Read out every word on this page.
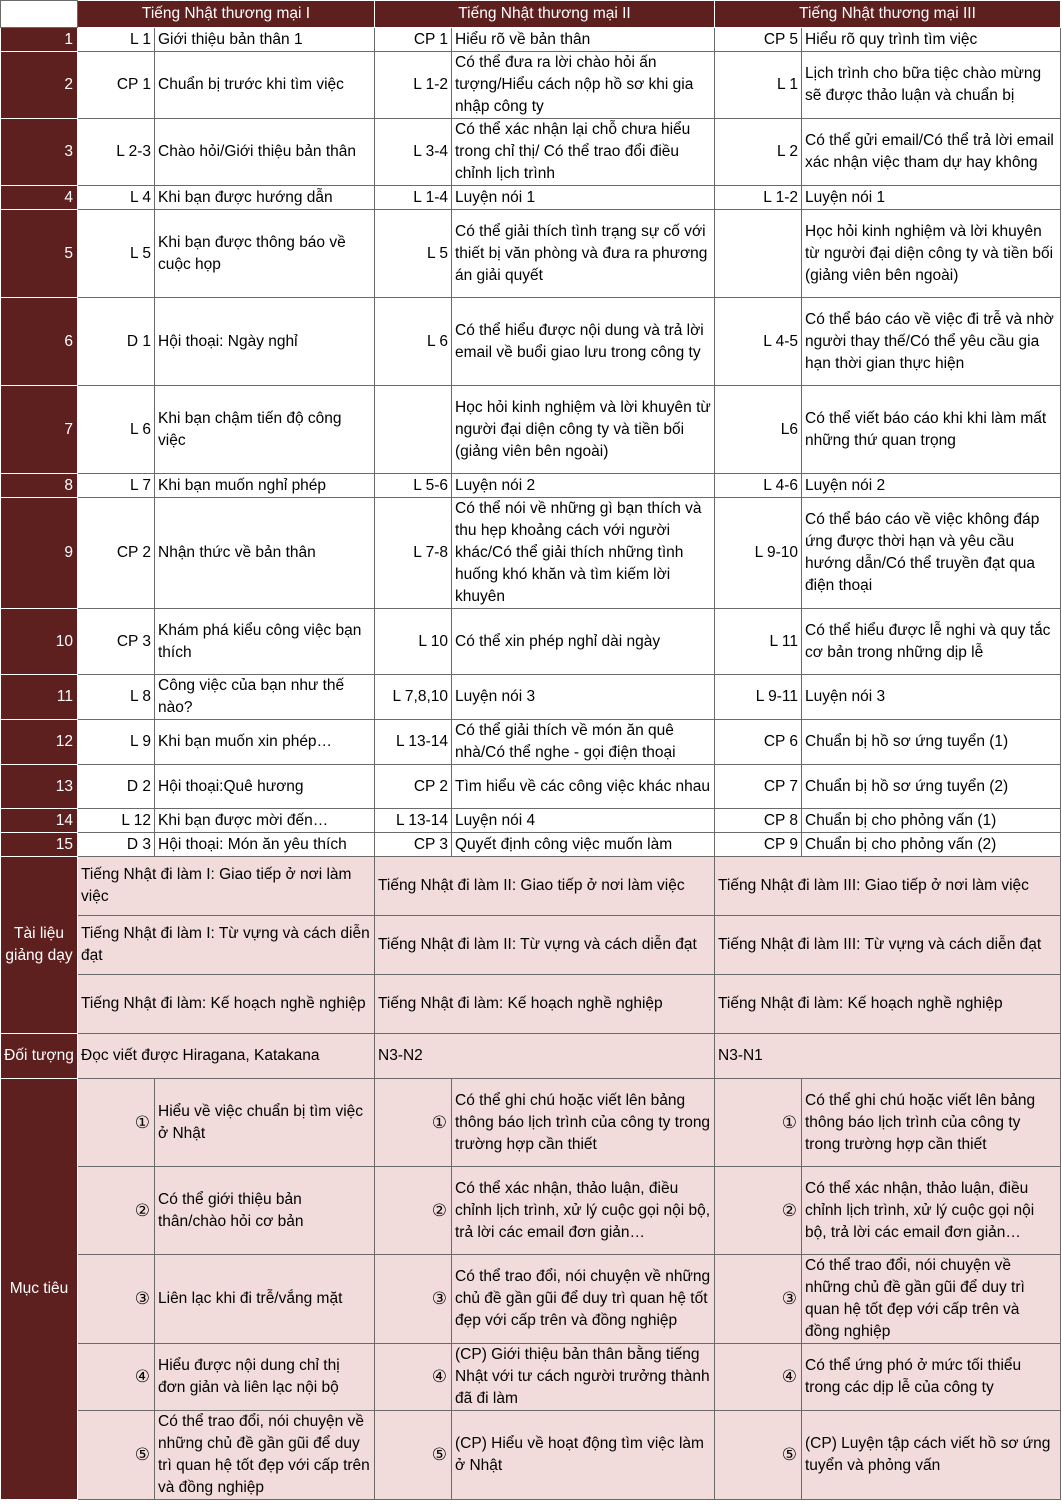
	Tiếng Nhật thương mại I		Tiếng Nhật thương mại II		Tiếng Nhật thương mại III	
1	L 1	Giới thiệu bản thân 1	CP 1	Hiểu rõ về bản thân	CP 5	Hiểu rõ quy trình tìm việc
2	CP 1	Chuẩn bị trước khi tìm việc	L 1-2	Có thể đưa ra lời chào hỏi ấn tượng/Hiểu cách nộp hồ sơ khi gia nhập công ty	L 1	Lịch trình cho bữa tiệc chào mừng sẽ được thảo luận và chuẩn bị
3	L 2-3	Chào hỏi/Giới thiệu bản thân	L 3-4	Có thể xác nhận lại chỗ chưa hiểu trong chỉ thị/ Có thể trao đổi điều chỉnh lịch trình	L 2	Có thể gửi email/Có thể trả lời email xác nhận việc tham dự hay không
4	L 4	Khi bạn được hướng dẫn	L 1-4	Luyện nói 1	L 1-2	Luyện nói 1
5	L 5	Khi bạn được thông báo về cuộc họp	L 5	Có thể giải thích tình trạng sự cố với thiết bị văn phòng và đưa ra phương án giải quyết		Học hỏi kinh nghiệm và lời khuyên từ người đại diện công ty và tiền bối (giảng viên bên ngoài)
6	D 1	Hội thoại: Ngày nghỉ	L 6	Có thể hiểu được nội dung và trả lời email về buổi giao lưu trong công ty	L 4-5	Có thể báo cáo về việc đi trễ và nhờ người thay thế/Có thể yêu cầu gia hạn thời gian thực hiện
7	L 6	Khi bạn chậm tiến độ công việc		Học hỏi kinh nghiệm và lời khuyên từ người đại diện công ty và tiền bối (giảng viên bên ngoài)	L6	Có thể viết báo cáo khi khi làm mất những thứ quan trọng
8	L 7	Khi bạn muốn nghỉ phép	L 5-6	Luyện nói 2	L 4-6	Luyện nói 2
9	CP 2	Nhận thức về bản thân	L 7-8	Có thể nói về những gì bạn thích và thu hẹp khoảng cách với người khác/Có thể giải thích những tình huống khó khăn và tìm kiếm lời khuyên	L 9-10	Có thể báo cáo về việc không đáp ứng được thời hạn và yêu cầu hướng dẫn/Có thể truyền đạt qua điện thoại
10	CP 3	Khám phá kiểu công việc bạn thích	L 10	Có thể xin phép nghỉ dài ngày	L 11	Có thể hiểu được lễ nghi và quy tắc cơ bản trong những dịp lễ
11	L 8	Công việc của bạn như thế nào?	L 7,8,10	Luyện nói 3	L 9-11	Luyện nói 3
12	L 9	Khi bạn muốn xin phép…	L 13-14	Có thể giải thích về món ăn quê nhà/Có thể nghe - gọi điện thoại	CP 6	Chuẩn bị hồ sơ ứng tuyển (1)
13	D 2	Hội thoại:Quê hương	CP 2	Tìm hiểu về các công việc khác nhau	CP 7	Chuẩn bị hồ sơ ứng tuyển (2)
14	L 12	Khi bạn được mời đến…	L 13-14	Luyện nói 4	CP 8	Chuẩn bị cho phỏng vấn (1)
15	D 3	Hội thoại: Món ăn yêu thích	CP 3	Quyết định công việc muốn làm	CP 9	Chuẩn bị cho phỏng vấn (2)
Tài liệu giảng dạy	Tiếng Nhật đi làm I: Giao tiếp ở nơi làm việc		Tiếng Nhật đi làm II: Giao tiếp ở nơi làm việc		Tiếng Nhật đi làm III: Giao tiếp ở nơi làm việc	
	Tiếng Nhật đi làm I: Từ vựng và cách diễn đạt		Tiếng Nhật đi làm II: Từ vựng và cách diễn đạt		Tiếng Nhật đi làm III: Từ vựng và cách diễn đạt	
	Tiếng Nhật đi làm: Kế hoạch nghề nghiệp		Tiếng Nhật đi làm: Kế hoạch nghề nghiệp		Tiếng Nhật đi làm: Kế hoạch nghề nghiệp	
Đối tượng	Đọc viết được Hiragana, Katakana		N3-N2		N3-N1	
Mục tiêu	①	Hiểu về việc chuẩn bị tìm việc ở Nhật	①	Có thể ghi chú hoặc viết lên bảng thông báo lịch trình của công ty trong trường hợp cần thiết	①	Có thể ghi chú hoặc viết lên bảng thông báo lịch trình của công ty trong trường hợp cần thiết
	②	Có thể giới thiệu bản thân/chào hỏi cơ bản	②	Có thể xác nhận, thảo luận, điều chỉnh lịch trình, xử lý cuộc gọi nội bộ, trả lời các email đơn giản…	②	Có thể xác nhận, thảo luận, điều chỉnh lịch trình, xử lý cuộc gọi nội bộ, trả lời các email đơn giản…
	③	Liên lạc khi đi trễ/vắng mặt	③	Có thể trao đổi, nói chuyện về những chủ đề gần gũi để duy trì quan hệ tốt đẹp với cấp trên và đồng nghiệp	③	Có thể trao đổi, nói chuyện về những chủ đề gần gũi để duy trì quan hệ tốt đẹp với cấp trên và đồng nghiệp
	④	Hiểu được nội dung chỉ thị đơn giản và liên lạc nội bộ	④	(CP) Giới thiệu bản thân bằng tiếng Nhật với tư cách người trưởng thành đã đi làm	④	Có thể ứng phó ở mức tối thiểu trong các dịp lễ của công ty
	⑤	Có thể trao đổi, nói chuyện về những chủ đề gần gũi để duy trì quan hệ tốt đẹp với cấp trên và đồng nghiệp	⑤	(CP) Hiểu về hoạt động tìm việc làm ở Nhật	⑤	(CP) Luyện tập cách viết hồ sơ ứng tuyển và phỏng vấn
